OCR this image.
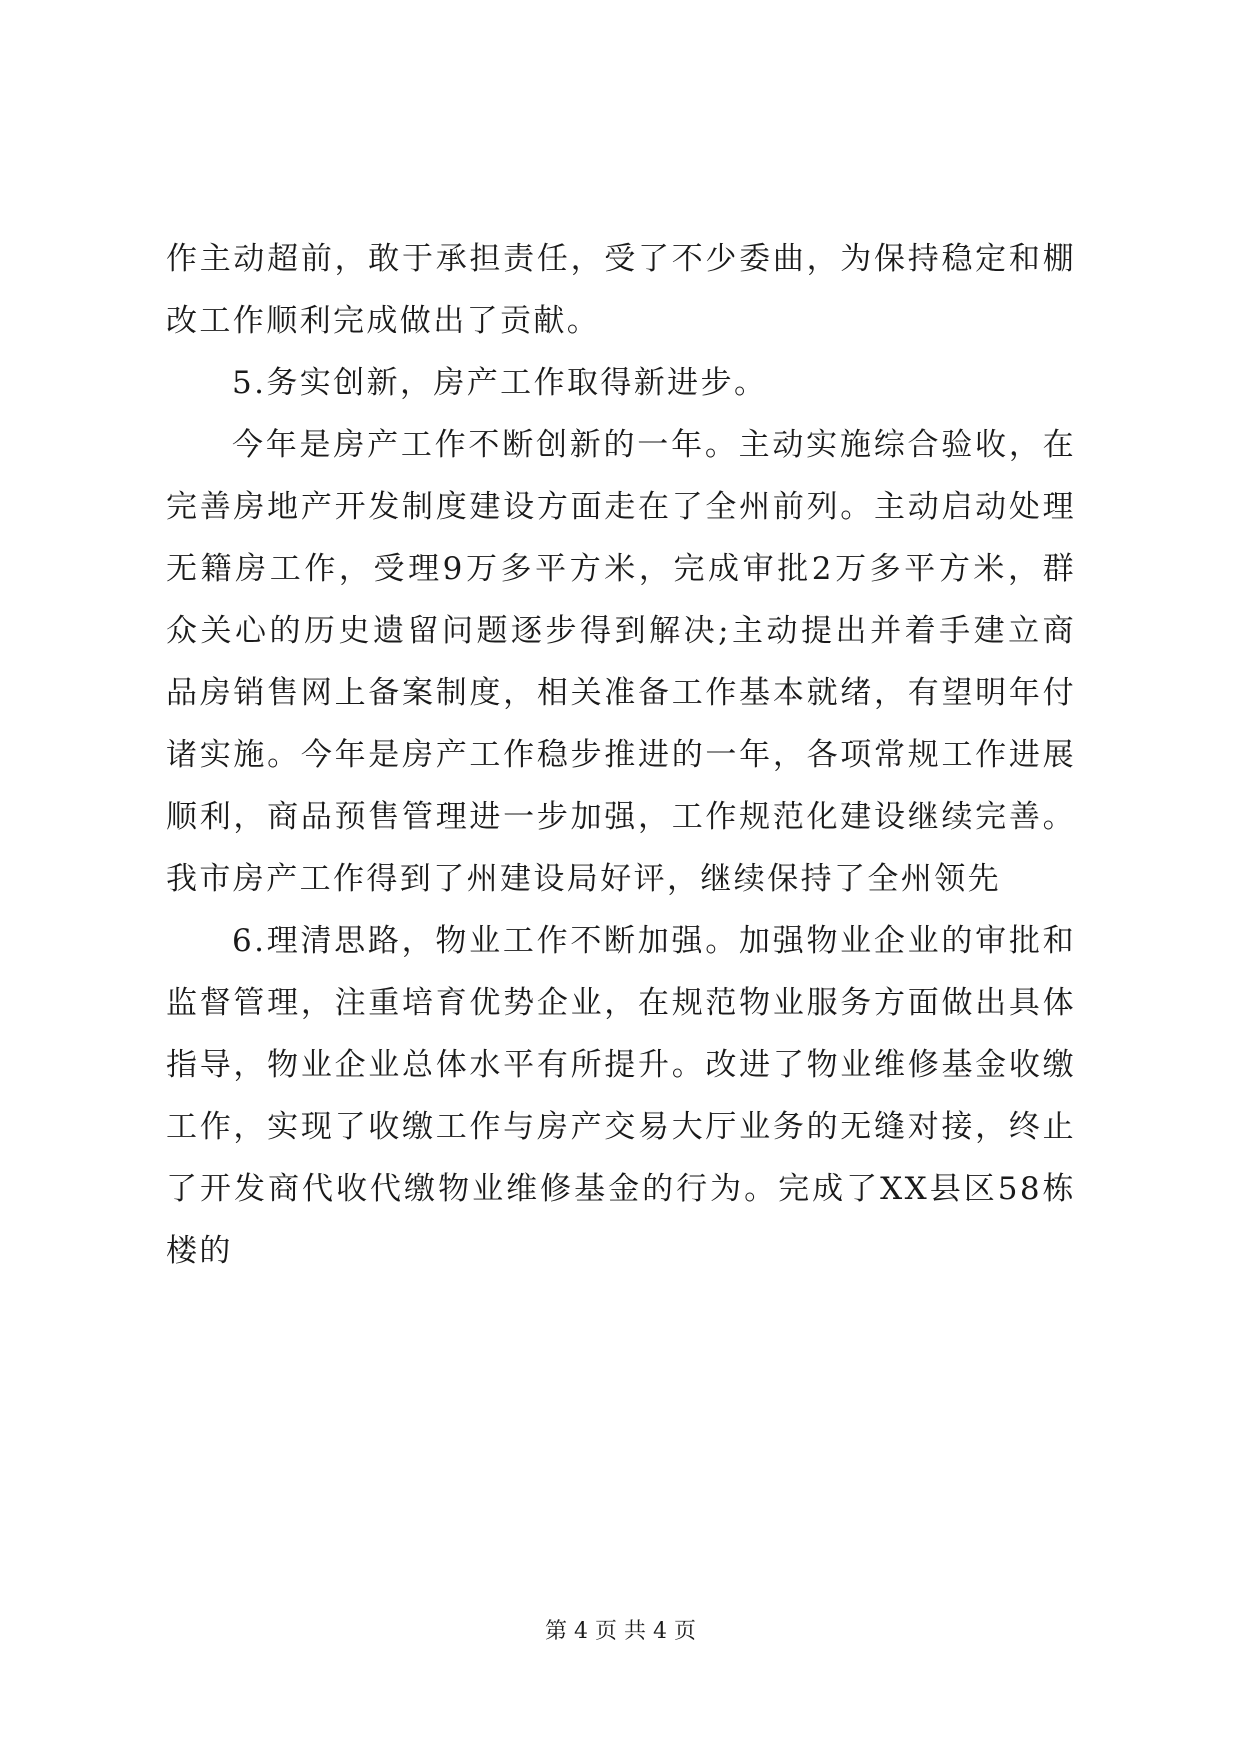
作主动超前，敢于承担责任，受了不少委曲，为保持稳定和棚改工作顺利完成做出了贡献。

5.务实创新，房产工作取得新进步。

今年是房产工作不断创新的一年。主动实施综合验收，在完善房地产开发制度建设方面走在了全州前列。主动启动处理无籍房工作，受理9万多平方米，完成审批2万多平方米，群众关心的历史遗留问题逐步得到解决;主动提出并着手建立商品房销售网上备案制度，相关准备工作基本就绪，有望明年付诸实施。今年是房产工作稳步推进的一年，各项常规工作进展顺利，商品预售管理进一步加强，工作规范化建设继续完善。我市房产工作得到了州建设局好评，继续保持了全州领先

6.理清思路，物业工作不断加强。加强物业企业的审批和监督管理，注重培育优势企业，在规范物业服务方面做出具体指导，物业企业总体水平有所提升。改进了物业维修基金收缴工作，实现了收缴工作与房产交易大厅业务的无缝对接，终止了开发商代收代缴物业维修基金的行为。完成了XX县区58栋楼的

第 4 页 共 4 页
